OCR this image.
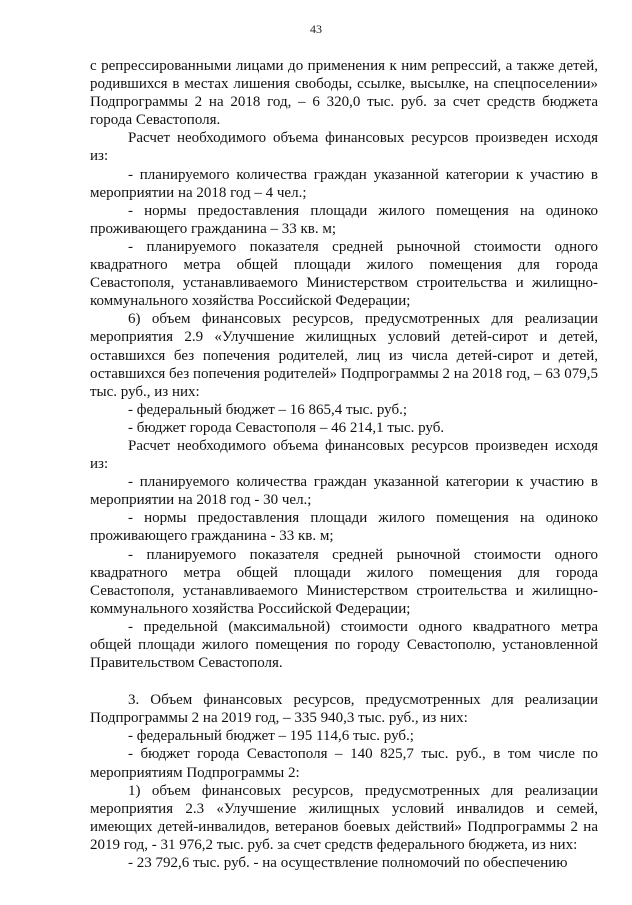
43

с репрессированными лицами до применения к ним репрессий, а также детей, родившихся в местах лишения свободы, ссылке, высылке, на спецпоселении» Подпрограммы 2 на 2018 год, – 6 320,0 тыс. руб. за счет средств бюджета города Севастополя.

Расчет необходимого объема финансовых ресурсов произведен исходя из:

- планируемого количества граждан указанной категории к участию в мероприятии на 2018 год – 4 чел.;

- нормы предоставления площади жилого помещения на одиноко проживающего гражданина – 33 кв. м;

- планируемого показателя средней рыночной стоимости одного квадратного метра общей площади жилого помещения для города Севастополя, устанавливаемого Министерством строительства и жилищно-коммунального хозяйства Российской Федерации;

6) объем финансовых ресурсов, предусмотренных для реализации мероприятия 2.9 «Улучшение жилищных условий детей-сирот и детей, оставшихся без попечения родителей, лиц из числа детей-сирот и детей, оставшихся без попечения родителей» Подпрограммы 2 на 2018 год, – 63 079,5 тыс. руб., из них:

- федеральный бюджет – 16 865,4 тыс. руб.;

- бюджет города Севастополя – 46 214,1 тыс. руб.

Расчет необходимого объема финансовых ресурсов произведен исходя из:

- планируемого количества граждан указанной категории к участию в мероприятии на 2018 год - 30 чел.;

- нормы предоставления площади жилого помещения на одиноко проживающего гражданина - 33 кв. м;

- планируемого показателя средней рыночной стоимости одного квадратного метра общей площади жилого помещения для города Севастополя, устанавливаемого Министерством строительства и жилищно-коммунального хозяйства Российской Федерации;

- предельной (максимальной) стоимости одного квадратного метра общей площади жилого помещения по городу Севастополю, установленной Правительством Севастополя.

3. Объем финансовых ресурсов, предусмотренных для реализации Подпрограммы 2 на 2019 год, – 335 940,3 тыс. руб., из них:

- федеральный бюджет – 195 114,6 тыс. руб.;

- бюджет города Севастополя – 140 825,7 тыс. руб., в том числе по мероприятиям Подпрограммы 2:

1) объем финансовых ресурсов, предусмотренных для реализации мероприятия 2.3 «Улучшение жилищных условий инвалидов и семей, имеющих детей-инвалидов, ветеранов боевых действий» Подпрограммы 2 на 2019 год, - 31 976,2 тыс. руб. за счет средств федерального бюджета, из них:

- 23 792,6 тыс. руб. - на осуществление полномочий по обеспечению
